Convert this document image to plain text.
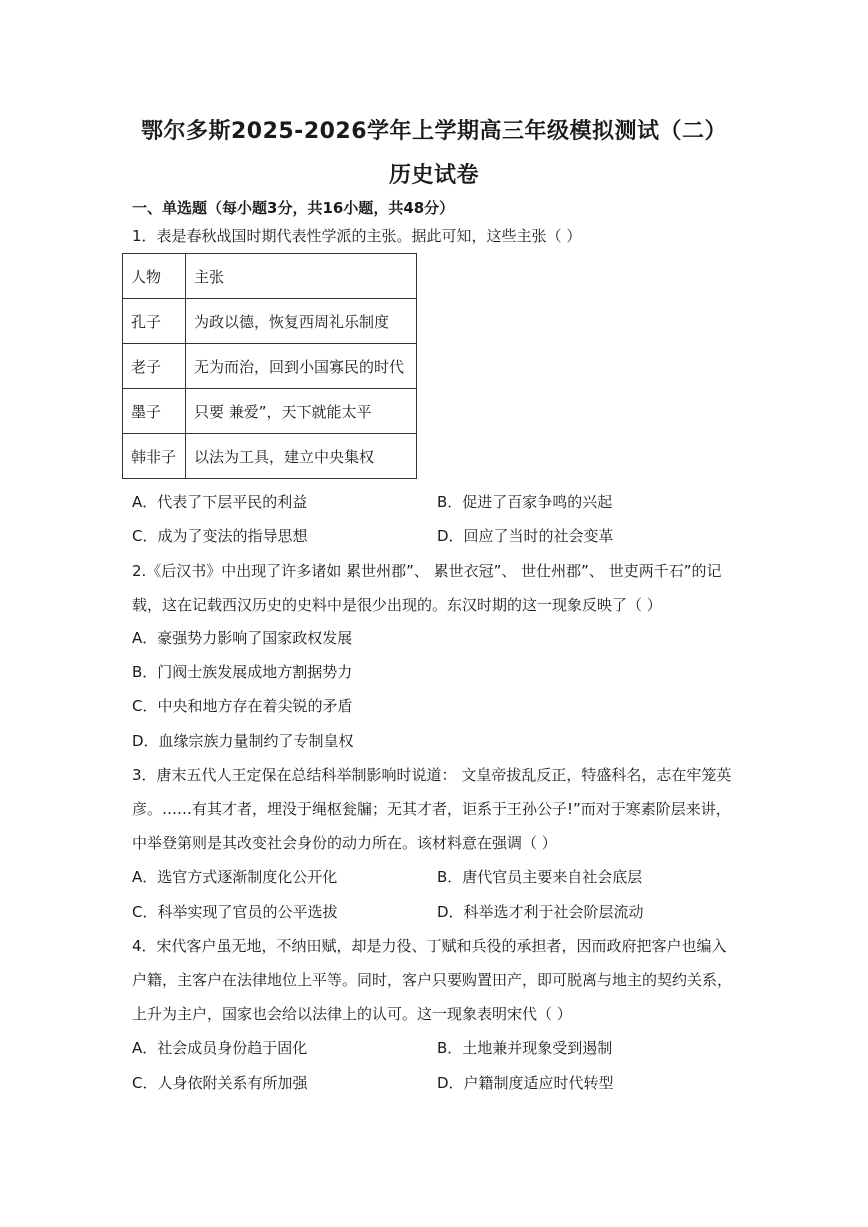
鄂尔多斯2025-2026学年上学期高三年级模拟测试（二）
历史试卷
一、单选题（每小题3分，共16小题，共48分）
1．表是春秋战国时期代表性学派的主张。据此可知，这些主张（ ）
人物	主张
孔子	为政以德，恢复西周礼乐制度
老子	无为而治，回到小国寡民的时代
墨子	只要 兼爱”，天下就能太平
韩非子	以法为工具，建立中央集权
A．代表了下层平民的利益	B．促进了百家争鸣的兴起
C．成为了变法的指导思想	D．回应了当时的社会变革
2.《后汉书》中出现了许多诸如 累世州郡”、 累世衣冠”、 世仕州郡”、 世吏两千石”的记
载，这在记载西汉历史的史料中是很少出现的。东汉时期的这一现象反映了（ ）
A．豪强势力影响了国家政权发展
B．门阀士族发展成地方割据势力
C．中央和地方存在着尖锐的矛盾
D．血缘宗族力量制约了专制皇权
3．唐末五代人王定保在总结科举制影响时说道： 文皇帝拔乱反正，特盛科名，志在牢笼英
彦。……有其才者，埋没于绳枢瓮牖；无其才者，讵系于王孙公子!”而对于寒素阶层来讲，
中举登第则是其改变社会身份的动力所在。该材料意在强调（ ）
A．选官方式逐渐制度化公开化	B．唐代官员主要来自社会底层
C．科举实现了官员的公平选拔	D．科举选才利于社会阶层流动
4．宋代客户虽无地，不纳田赋，却是力役、丁赋和兵役的承担者，因而政府把客户也编入
户籍，主客户在法律地位上平等。同时，客户只要购置田产，即可脱离与地主的契约关系，
上升为主户，国家也会给以法律上的认可。这一现象表明宋代（ ）
A．社会成员身份趋于固化	B．土地兼并现象受到遏制
C．人身依附关系有所加强	D．户籍制度适应时代转型
